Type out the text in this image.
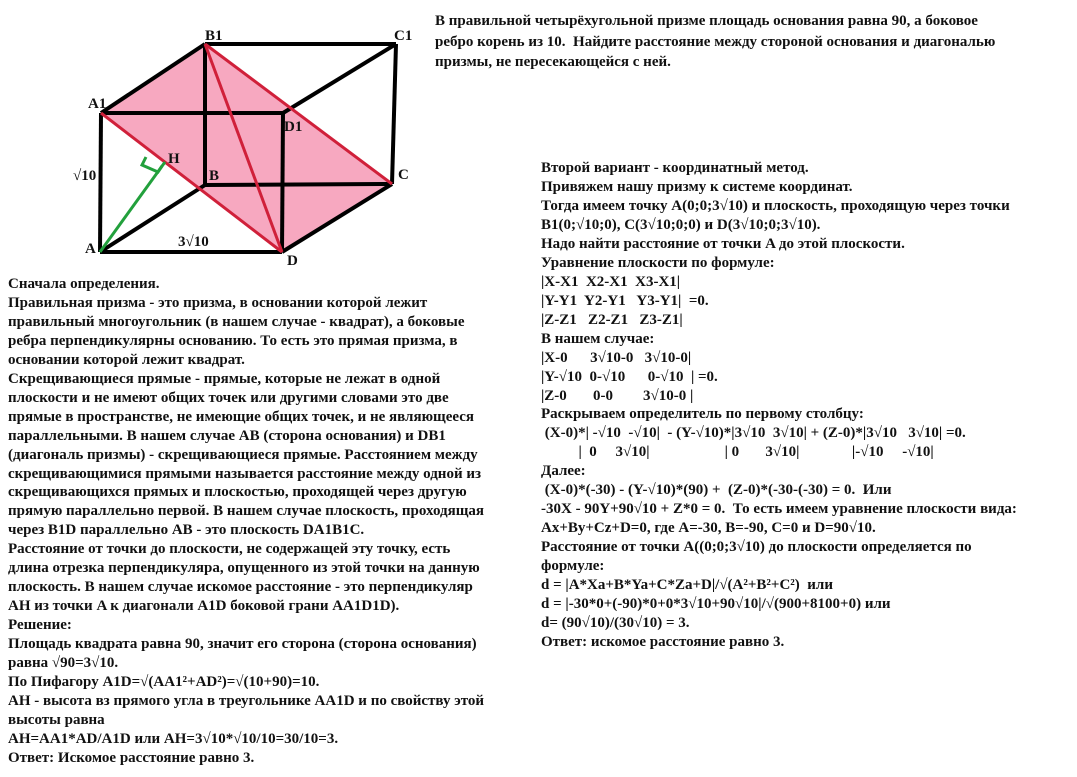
В правильной четырёхугольной призме площадь основания равна 90, а боковое
ребро корень из 10.  Найдите расстояние между стороной основания и диагональю
призмы, не пересекающейся с ней.
B1	C1
A1
D1
H
B	C
√10
A	3√10
D
Сначала определения.
Правильная призма - это призма, в основании которой лежит
правильный многоугольник (в нашем случае - квадрат), а боковые
ребра перпендикулярны основанию. То есть это прямая призма, в
основании которой лежит квадрат.
Скрещивающиеся прямые - прямые, которые не лежат в одной
плоскости и не имеют общих точек или другими словами это две
прямые в пространстве, не имеющие общих точек, и не являющееся
параллельными. В нашем случае AB (сторона основания) и DB1
(диагональ призмы) - скрещивающиеся прямые. Расстоянием между
скрещивающимися прямыми называется расстояние между одной из
скрещивающихся прямых и плоскостью, проходящей через другую
прямую параллельно первой. В нашем случае плоскость, проходящая
через B1D параллельно AB - это плоскость DA1B1C.
Расстояние от точки до плоскости, не содержащей эту точку, есть
длина отрезка перпендикуляра, опущенного из этой точки на данную
плоскость. В нашем случае искомое расстояние - это перпендикуляр
AH из точки A к диагонали A1D боковой грани AA1D1D).
Решение:
Площадь квадрата равна 90, значит его сторона (сторона основания)
равна √90=3√10.
По Пифагору A1D=√(AA1²+AD²)=√(10+90)=10.
AH - высота вз прямого угла в треугольнике AA1D и по свойству этой
высоты равна
AH=AA1*AD/A1D или AH=3√10*√10/10=30/10=3.
Ответ: Искомое расстояние равно 3.
Второй вариант - координатный метод.
Привяжем нашу призму к системе координат.
Тогда имеем точку A(0;0;3√10) и плоскость, проходящую через точки
B1(0;√10;0), C(3√10;0;0) и D(3√10;0;3√10).
Надо найти расстояние от точки A до этой плоскости.
Уравнение плоскости по формуле:
|X-X1  X2-X1  X3-X1|
|Y-Y1  Y2-Y1   Y3-Y1|  =0.
|Z-Z1   Z2-Z1   Z3-Z1|
В нашем случае:
|X-0      3√10-0   3√10-0|
|Y-√10  0-√10      0-√10  | =0.
|Z-0       0-0        3√10-0 |
Раскрываем определитель по первому столбцу:
(X-0)*| -√10  -√10|  - (Y-√10)*|3√10  3√10| + (Z-0)*|3√10   3√10| =0.
|  0     3√10|                    | 0       3√10|              |-√10     -√10|
Далее:
(X-0)*(-30) - (Y-√10)*(90) +  (Z-0)*(-30-(-30) = 0.  Или
-30X - 90Y+90√10 + Z*0 = 0.  То есть имеем уравнение плоскости вида:
Ax+By+Cz+D=0, где A=-30, B=-90, C=0 и D=90√10.
Расстояние от точки A((0;0;3√10) до плоскости определяется по
формуле:
d = |A*Xa+B*Ya+C*Za+D|/√(A²+B²+C²)  или
d = |-30*0+(-90)*0+0*3√10+90√10|/√(900+8100+0) или
d= (90√10)/(30√10) = 3.
Ответ: искомое расстояние равно 3.
